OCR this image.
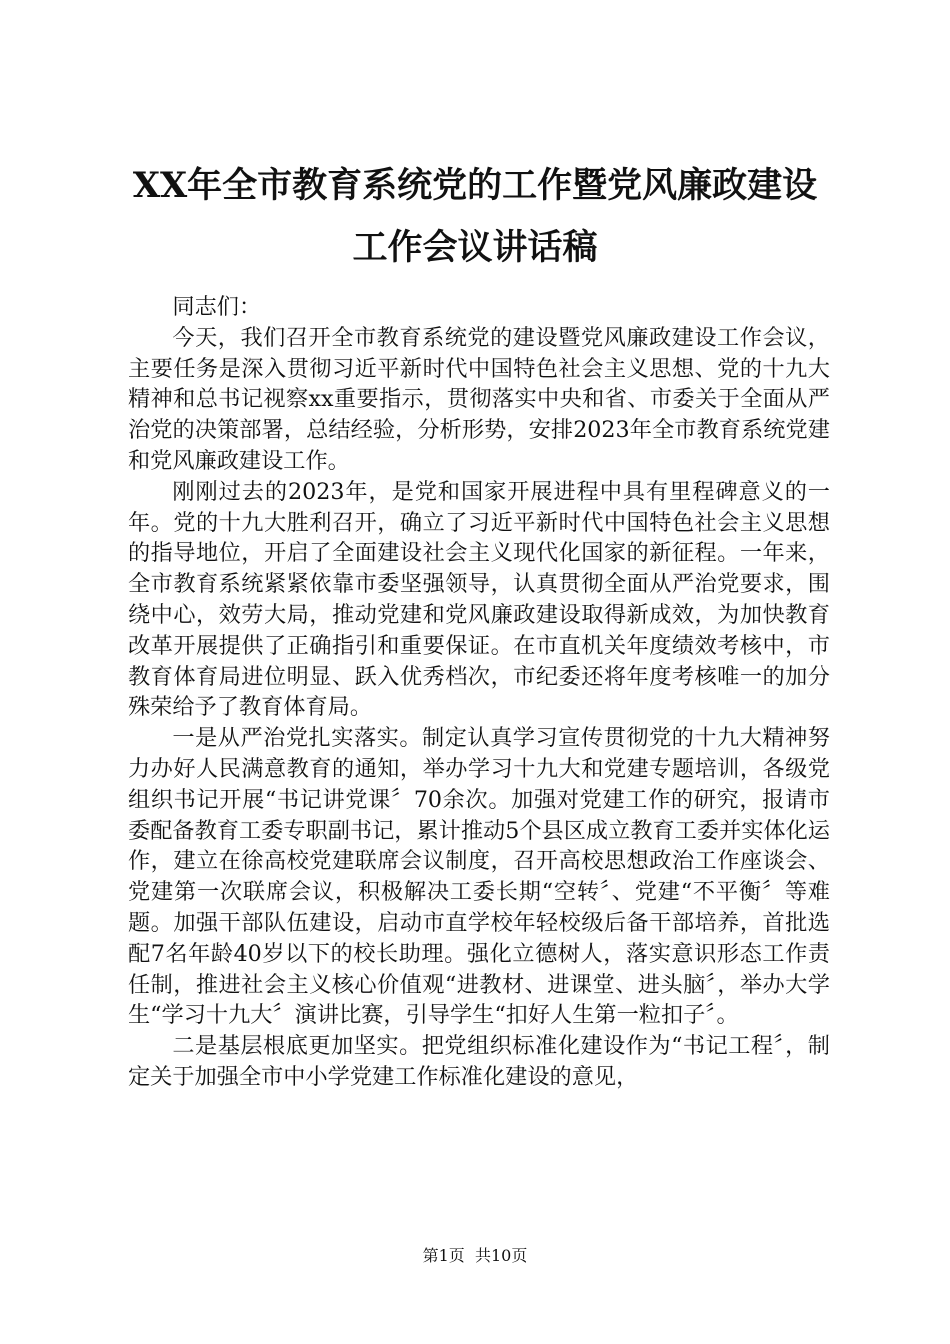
XX年全市教育系统党的工作暨党风廉政建设
工作会议讲话稿

同志们：

今天，我们召开全市教育系统党的建设暨党风廉政建设工作会议，主要任务是深入贯彻习近平新时代中国特色社会主义思想、党的十九大精神和总书记视察xx重要指示，贯彻落实中央和省、市委关于全面从严治党的决策部署，总结经验，分析形势，安排2023年全市教育系统党建和党风廉政建设工作。

刚刚过去的2023年，是党和国家开展进程中具有里程碑意义的一年。党的十九大胜利召开，确立了习近平新时代中国特色社会主义思想的指导地位，开启了全面建设社会主义现代化国家的新征程。一年来，全市教育系统紧紧依靠市委坚强领导，认真贯彻全面从严治党要求，围绕中心，效劳大局，推动党建和党风廉政建设取得新成效，为加快教育改革开展提供了正确指引和重要保证。在市直机关年度绩效考核中，市教育体育局进位明显、跃入优秀档次，市纪委还将年度考核唯一的加分殊荣给予了教育体育局。

一是从严治党扎实落实。制定认真学习宣传贯彻党的十九大精神努力办好人民满意教育的通知，举办学习十九大和党建专题培训，各级党组织书记开展“书记讲党课〞70余次。加强对党建工作的研究，报请市委配备教育工委专职副书记，累计推动5个县区成立教育工委并实体化运作，建立在徐高校党建联席会议制度，召开高校思想政治工作座谈会、党建第一次联席会议，积极解决工委长期“空转〞、党建“不平衡〞等难题。加强干部队伍建设，启动市直学校年轻校级后备干部培养，首批选配7名年龄40岁以下的校长助理。强化立德树人，落实意识形态工作责任制，推进社会主义核心价值观“进教材、进课堂、进头脑〞，举办大学生“学习十九大〞演讲比赛，引导学生“扣好人生第一粒扣子〞。

二是基层根底更加坚实。把党组织标准化建设作为“书记工程〞，制定关于加强全市中小学党建工作标准化建设的意见，

第1页 共10页
